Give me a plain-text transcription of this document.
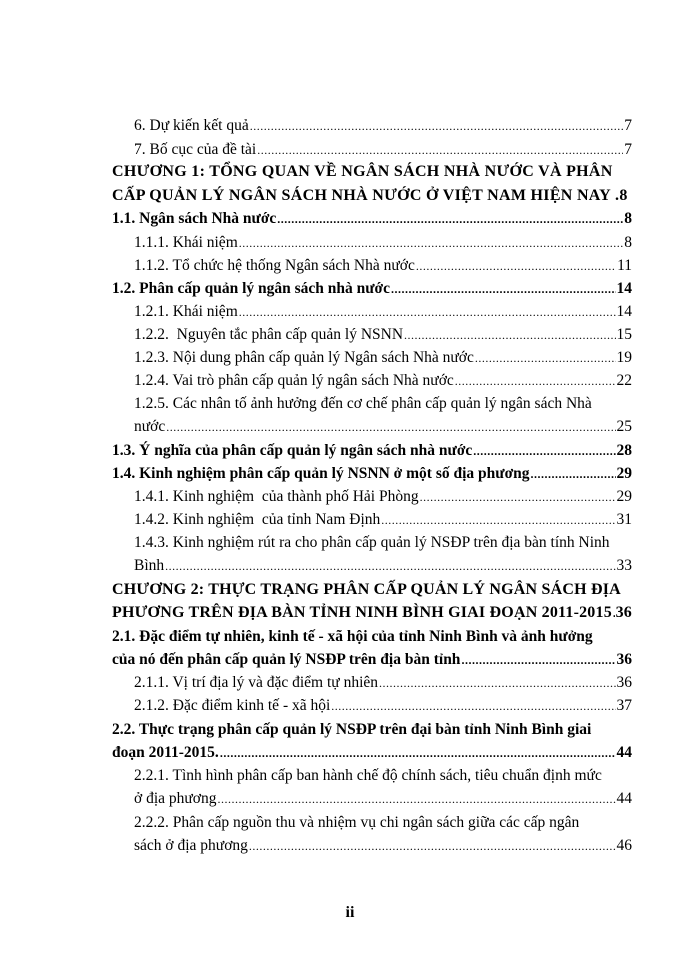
6. Dự kiến kết quả .....	7
7. Bố cục của đề tài .....	7
CHƯƠNG 1: TỔNG QUAN VỀ NGÂN SÁCH NHÀ NƯỚC VÀ PHÂN
CẤP QUẢN LÝ NGÂN SÁCH NHÀ NƯỚC Ở VIỆT NAM HIỆN NAY .8
1.1. Ngân sách Nhà nước .....	8
1.1.1. Khái niệm .....	8
1.1.2. Tổ chức hệ thống Ngân sách Nhà nước .....	11
1.2. Phân cấp quản lý ngân sách nhà nước .....	14
1.2.1. Khái niệm .....	14
1.2.2.  Nguyên tắc phân cấp quản lý NSNN .....	15
1.2.3. Nội dung phân cấp quản lý Ngân sách Nhà nước .....	19
1.2.4. Vai trò phân cấp quản lý ngân sách Nhà nước .....	22
1.2.5. Các nhân tố ảnh hưởng đến cơ chế phân cấp quản lý ngân sách Nhà
nước .....	25
1.3. Ý nghĩa của phân cấp quản lý ngân sách nhà nước .....	28
1.4. Kinh nghiệm phân cấp quản lý NSNN ở một số địa phương .....	29
1.4.1. Kinh nghiệm  của thành phố Hải Phòng .....	29
1.4.2. Kinh nghiệm  của tỉnh Nam Định .....	31
1.4.3. Kinh nghiệm rút ra cho phân cấp quản lý NSĐP trên địa bàn tính Ninh
Bình .....	33
CHƯƠNG 2: THỰC TRẠNG PHÂN CẤP QUẢN LÝ NGÂN SÁCH ĐỊA
PHƯƠNG TRÊN ĐỊA BÀN TỈNH NINH BÌNH GIAI ĐOẠN 2011-2015 ..... 36
2.1. Đặc điểm tự nhiên, kinh tế - xã hội của tỉnh Ninh Bình và ảnh hưởng
của nó đến phân cấp quản lý NSĐP trên địa bàn tỉnh .....	36
2.1.1. Vị trí địa lý và đặc điểm tự nhiên .....	36
2.1.2. Đặc điểm kinh tế - xã hội .....	37
2.2. Thực trạng phân cấp quản lý NSĐP trên đại bàn tỉnh Ninh Bình giai
đoạn 2011-2015. .....	44
2.2.1. Tình hình phân cấp ban hành chế độ chính sách, tiêu chuẩn định mức
ở địa phương .....	44
2.2.2. Phân cấp nguồn thu và nhiệm vụ chi ngân sách giữa các cấp ngân
sách ở địa phương .....	46
ii
